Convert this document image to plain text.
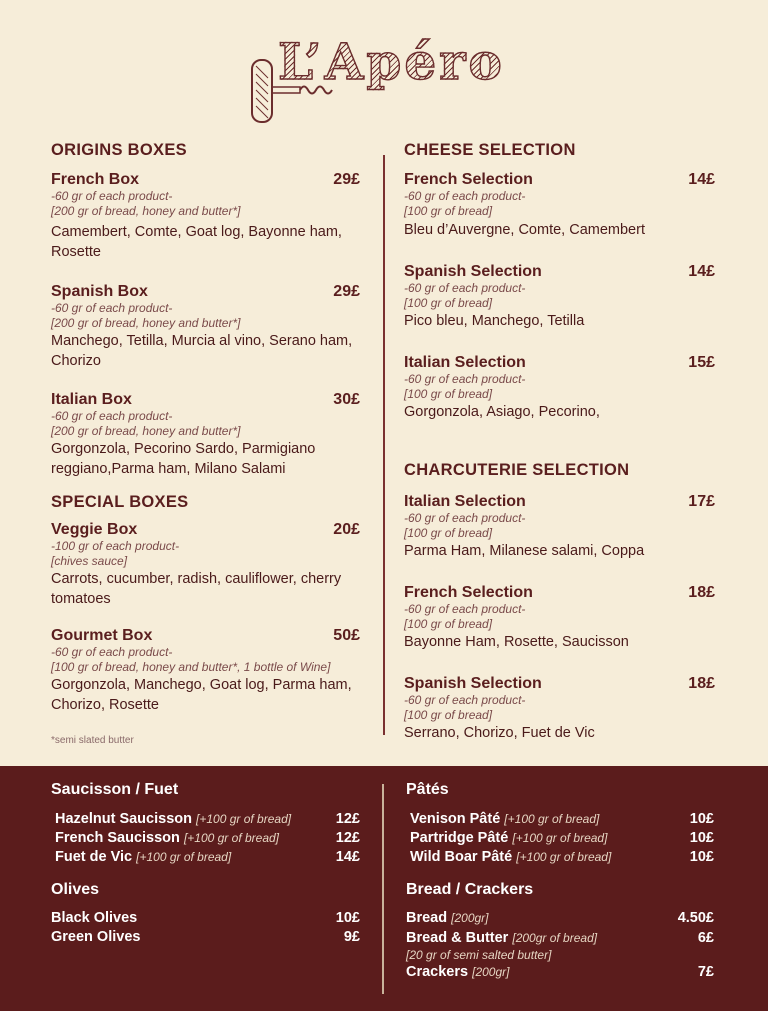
L’Apéro
ORIGINS BOXES
French Box	29£
-60 gr of each product-
[200 gr of bread, honey and butter*]
Camembert, Comte, Goat log, Bayonne ham, Rosette
Spanish Box	29£
-60 gr of each product-
[200 gr of bread, honey and butter*]
Manchego, Tetilla, Murcia al vino, Serano ham, Chorizo
Italian Box	30£
-60 gr of each product-
[200 gr of bread, honey and butter*]
Gorgonzola, Pecorino Sardo, Parmigiano reggiano,Parma ham, Milano Salami
SPECIAL BOXES
Veggie Box	20£
-100 gr of each product-
[chives sauce]
Carrots, cucumber, radish, cauliflower, cherry tomatoes
Gourmet Box	50£
-60 gr of each product-
[100 gr of bread, honey and butter*, 1 bottle of Wine]
Gorgonzola, Manchego, Goat log, Parma ham, Chorizo, Rosette
*semi slated butter
CHEESE SELECTION
French Selection	14£
-60 gr of each product-
[100 gr of bread]
Bleu d’Auvergne, Comte, Camembert
Spanish Selection	14£
-60 gr of each product-
[100 gr of bread]
Pico bleu, Manchego, Tetilla
Italian Selection	15£
-60 gr of each product-
[100 gr of bread]
Gorgonzola, Asiago, Pecorino,
CHARCUTERIE SELECTION
Italian Selection	17£
-60 gr of each product-
[100 gr of bread]
Parma Ham, Milanese salami, Coppa
French Selection	18£
-60 gr of each product-
[100 gr of bread]
Bayonne Ham, Rosette, Saucisson
Spanish Selection	18£
-60 gr of each product-
[100 gr of bread]
Serrano, Chorizo, Fuet de Vic
Saucisson / Fuet
Hazelnut Saucisson [+100 gr of bread]	12£
French Saucisson [+100 gr of bread]	12£
Fuet de Vic [+100 gr of bread]	14£
Olives
Black Olives	10£
Green Olives	9£
Pâtés
Venison Pâté [+100 gr of bread]	10£
Partridge Pâté [+100 gr of bread]	10£
Wild Boar Pâté [+100 gr of bread]	10£
Bread / Crackers
Bread [200gr]	4.50£
Bread & Butter [200gr of bread]	6£
[20 gr of semi salted butter]
Crackers [200gr]	7£
